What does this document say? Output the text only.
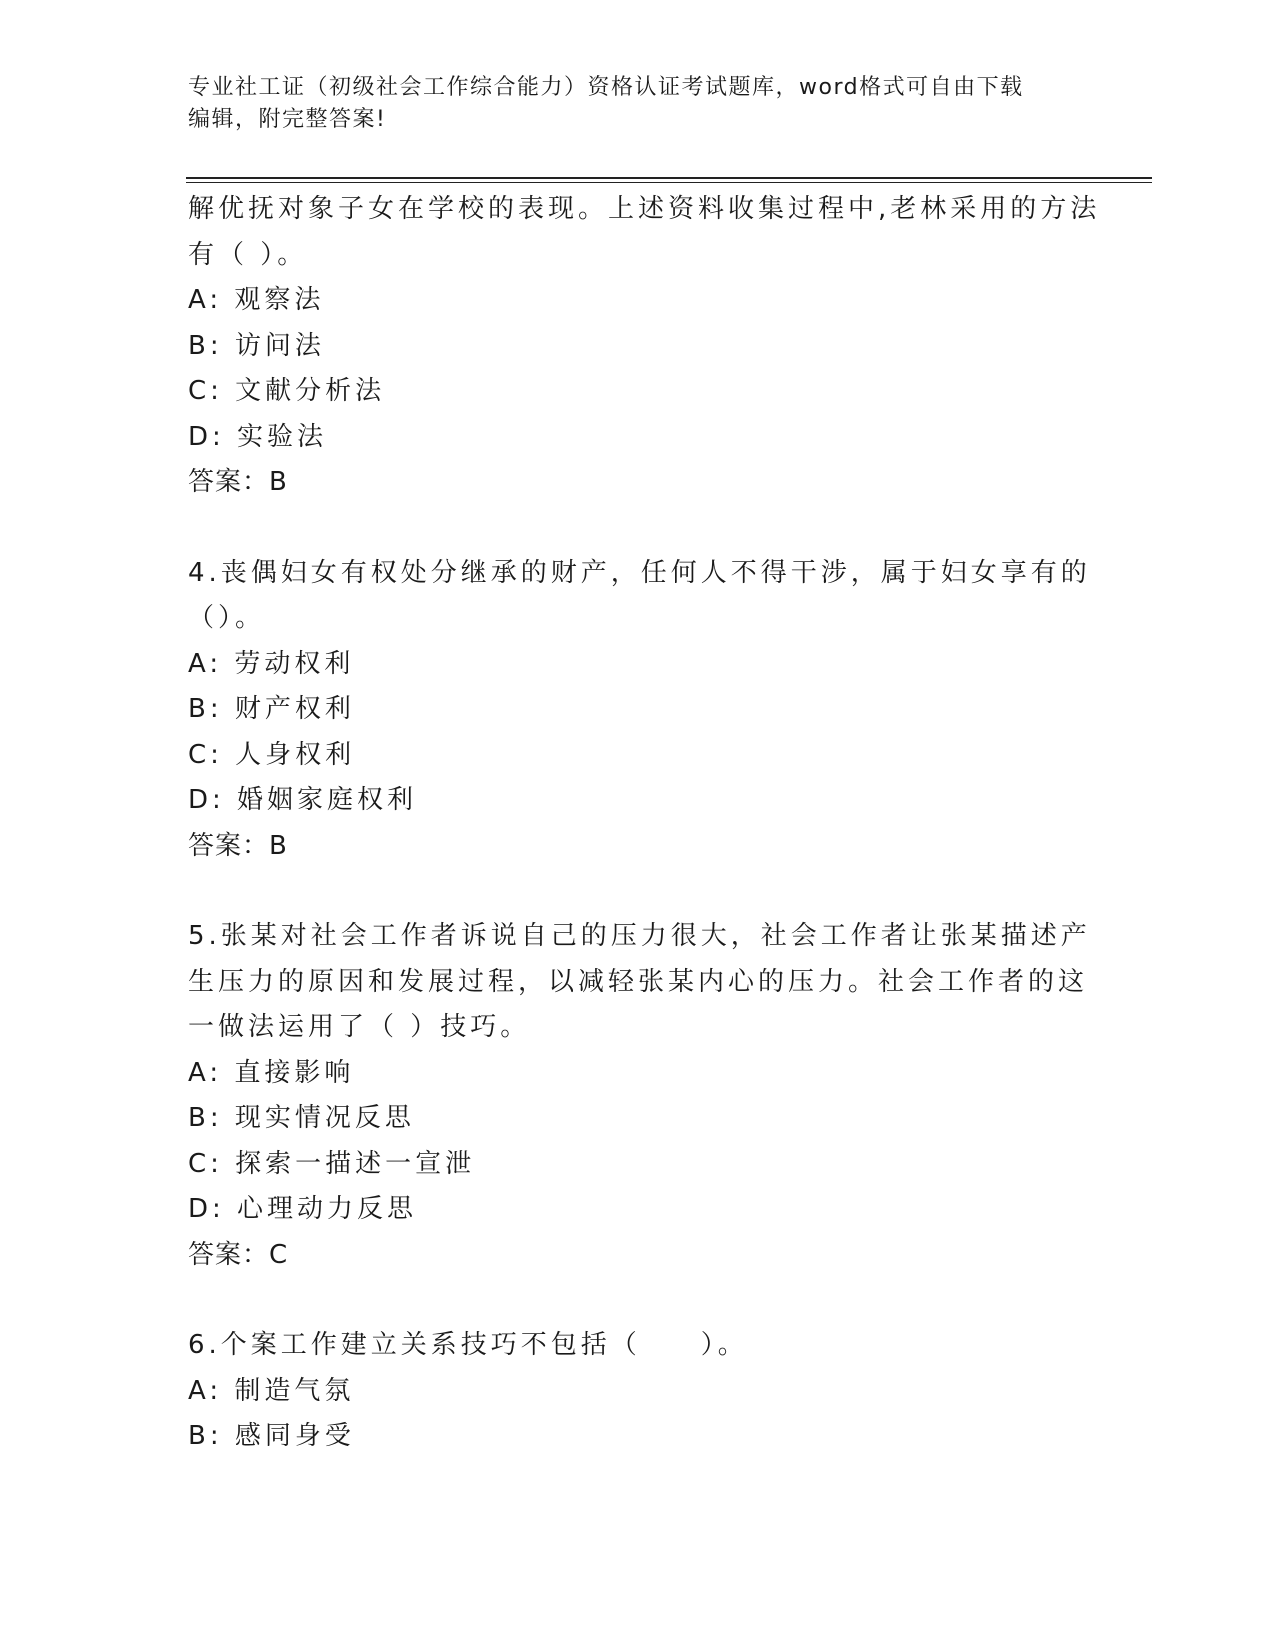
专业社工证（初级社会工作综合能力）资格认证考试题库，word格式可自由下载
编辑，附完整答案!
解优抚对象子女在学校的表现。上述资料收集过程中,老林采用的方法
有（ ）。
A: 观察法
B: 访问法
C: 文献分析法
D: 实验法
答案：B
4.丧偶妇女有权处分继承的财产，任何人不得干涉，属于妇女享有的
（）。
A: 劳动权利
B: 财产权利
C: 人身权利
D: 婚姻家庭权利
答案：B
5.张某对社会工作者诉说自己的压力很大，社会工作者让张某描述产
生压力的原因和发展过程，以减轻张某内心的压力。社会工作者的这
一做法运用了（ ）技巧。
A: 直接影响
B: 现实情况反思
C: 探索一描述一宣泄
D: 心理动力反思
答案：C
6.个案工作建立关系技巧不包括（　　）。
A: 制造气氛
B: 感同身受
